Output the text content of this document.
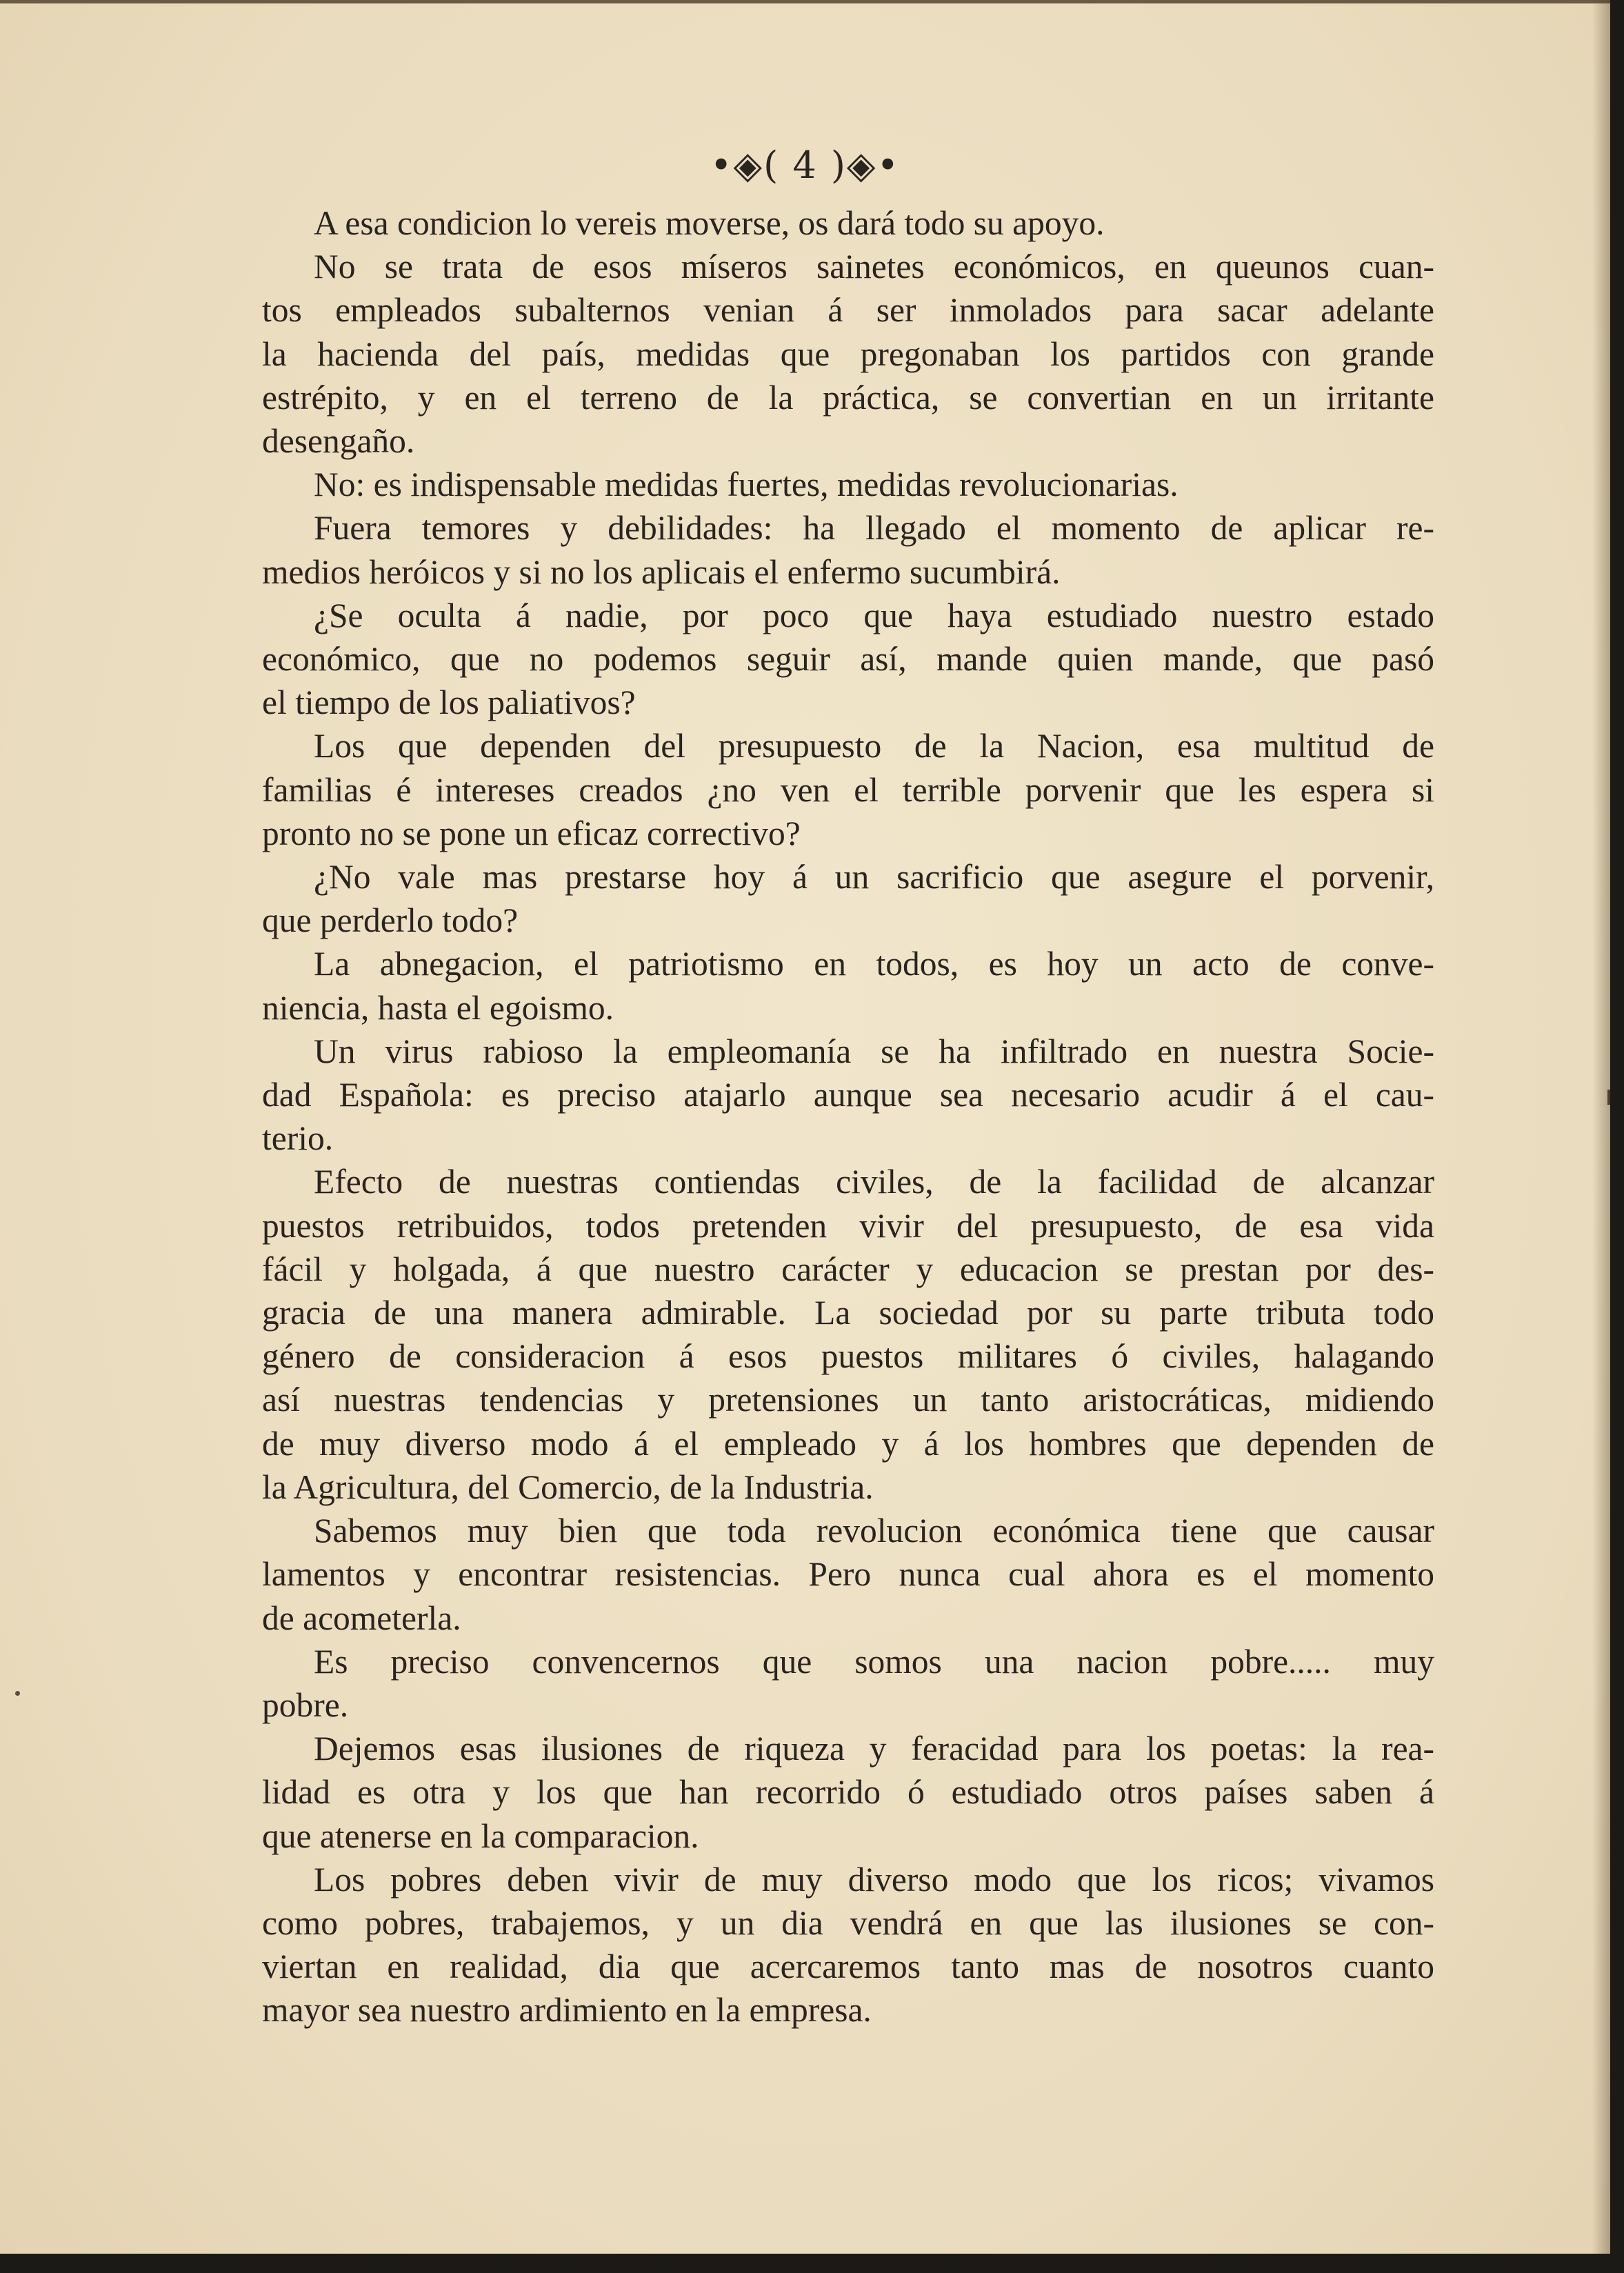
•◈( 4 )◈•
A esa condicion lo vereis moverse, os dará todo su apoyo.
No se trata de esos míseros sainetes económicos, en queunos cuan-
tos empleados subalternos venian á ser inmolados para sacar adelante
la hacienda del país, medidas que pregonaban los partidos con grande
estrépito, y en el terreno de la práctica, se convertian en un irritante
desengaño.
No: es indispensable medidas fuertes, medidas revolucionarias.
Fuera temores y debilidades: ha llegado el momento de aplicar re-
medios heróicos y si no los aplicais el enfermo sucumbirá.
¿Se oculta á nadie, por poco que haya estudiado nuestro estado
económico, que no podemos seguir así, mande quien mande, que pasó
el tiempo de los paliativos?
Los que dependen del presupuesto de la Nacion, esa multitud de
familias é intereses creados ¿no ven el terrible porvenir que les espera si
pronto no se pone un eficaz correctivo?
¿No vale mas prestarse hoy á un sacrificio que asegure el porvenir,
que perderlo todo?
La abnegacion, el patriotismo en todos, es hoy un acto de conve-
niencia, hasta el egoismo.
Un virus rabioso la empleomanía se ha infiltrado en nuestra Socie-
dad Española: es preciso atajarlo aunque sea necesario acudir á el cau-
terio.
Efecto de nuestras contiendas civiles, de la facilidad de alcanzar
puestos retribuidos, todos pretenden vivir del presupuesto, de esa vida
fácil y holgada, á que nuestro carácter y educacion se prestan por des-
gracia de una manera admirable. La sociedad por su parte tributa todo
género de consideracion á esos puestos militares ó civiles, halagando
así nuestras tendencias y pretensiones un tanto aristocráticas, midiendo
de muy diverso modo á el empleado y á los hombres que dependen de
la Agricultura, del Comercio, de la Industria.
Sabemos muy bien que toda revolucion económica tiene que causar
lamentos y encontrar resistencias. Pero nunca cual ahora es el momento
de acometerla.
Es preciso convencernos que somos una nacion pobre..... muy
pobre.
Dejemos esas ilusiones de riqueza y feracidad para los poetas: la rea-
lidad es otra y los que han recorrido ó estudiado otros países saben á
que atenerse en la comparacion.
Los pobres deben vivir de muy diverso modo que los ricos; vivamos
como pobres, trabajemos, y un dia vendrá en que las ilusiones se con-
viertan en realidad, dia que acercaremos tanto mas de nosotros cuanto
mayor sea nuestro ardimiento en la empresa.
